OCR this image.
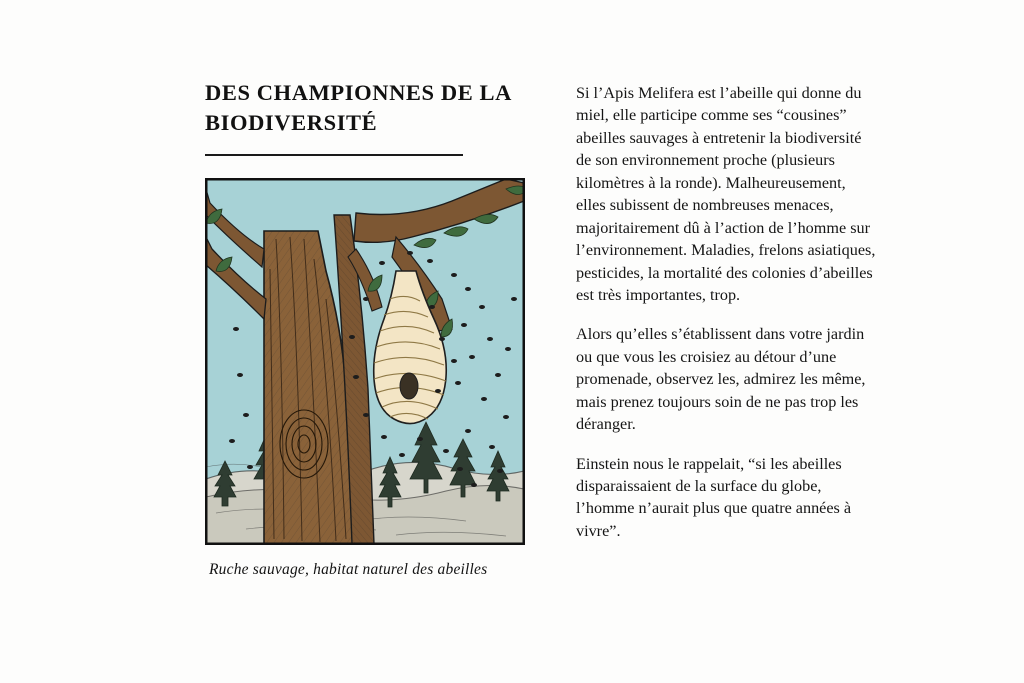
DES CHAMPIONNES DE LA BIODIVERSITÉ
Ruche sauvage, habitat naturel des abeilles

Si l’Apis Melifera est l’abeille qui donne du miel, elle participe comme ses “cousines” abeilles sauvages à entretenir la biodiversité de son environnement proche (plusieurs kilomètres à la ronde). Malheureusement, elles subissent de nombreuses menaces, majoritairement dû à l’action de l’homme sur l’environnement. Maladies, frelons asiatiques, pesticides, la mortalité des colonies d’abeilles est très importantes, trop.

Alors qu’elles s’établissent dans votre jardin ou que vous les croisiez au détour d’une promenade, observez les, admirez les même, mais prenez toujours soin de ne pas trop les déranger.

Einstein nous le rappelait, “si les abeilles disparaissaient de la surface du globe, l’homme n’aurait plus que quatre années à vivre”.
